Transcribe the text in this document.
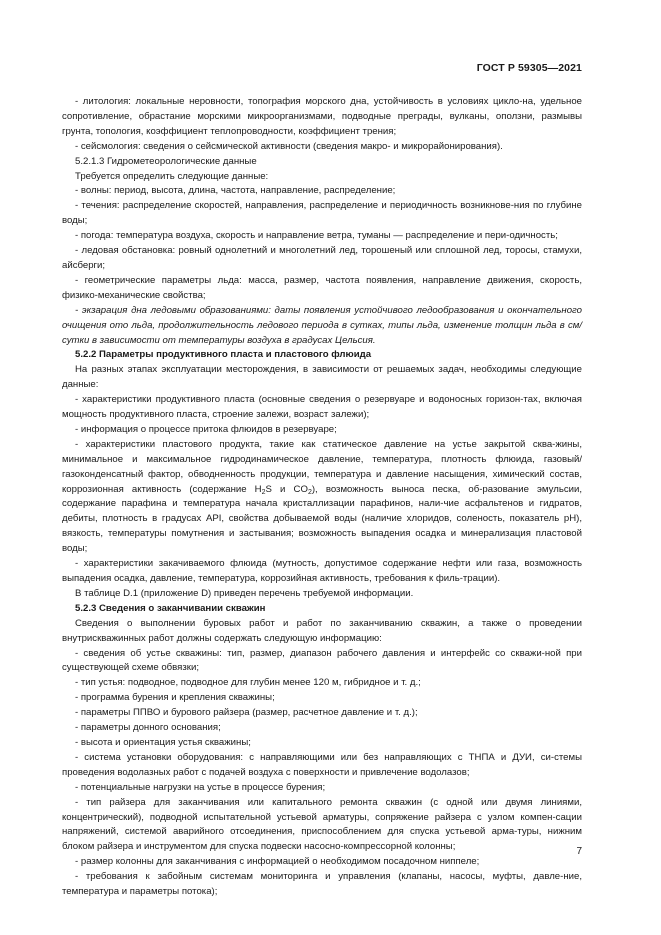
ГОСТ Р 59305—2021

- литология: локальные неровности, топография морского дна, устойчивость в условиях цикло-на, удельное сопротивление, обрастание морскими микроорганизмами, подводные преграды, вулканы, оползни, размывы грунта, топология, коэффициент теплопроводности, коэффициент трения;

- сейсмология: сведения о сейсмической активности (сведения макро- и микрорайонирования).

5.2.1.3 Гидрометеорологические данные

Требуется определить следующие данные:

- волны: период, высота, длина, частота, направление, распределение;

- течения: распределение скоростей, направления, распределение и периодичность возникнове-ния по глубине воды;

- погода: температура воздуха, скорость и направление ветра, туманы — распределение и пери-одичность;

- ледовая обстановка: ровный однолетний и многолетний лед, торошеный или сплошной лед, торосы, стамухи, айсберги;

- геометрические параметры льда: масса, размер, частота появления, направление движения, скорость, физико-механические свойства;

- экзарация дна ледовыми образованиями: даты появления устойчивого ледообразования и окончательного очищения ото льда, продолжительность ледового периода в сутках, типы льда, изменение толщин льда в см/сутки в зависимости от температуры воздуха в градусах Цельсия.

5.2.2 Параметры продуктивного пласта и пластового флюида

На разных этапах эксплуатации месторождения, в зависимости от решаемых задач, необходимы следующие данные:

- характеристики продуктивного пласта (основные сведения о резервуаре и водоносных горизон-тах, включая мощность продуктивного пласта, строение залежи, возраст залежи);

- информация о процессе притока флюидов в резервуаре;

- характеристики пластового продукта, такие как статическое давление на устье закрытой сква-жины, минимальное и максимальное гидродинамическое давление, температура, плотность флюида, газовый/газоконденсатный фактор, обводненность продукции, температура и давление насыщения, химический состав, коррозионная активность (содержание $H_2S$ и $CO_2$), возможность выноса песка, об-разование эмульсии, содержание парафина и температура начала кристаллизации парафинов, нали-чие асфальтенов и гидратов, дебиты, плотность в градусах API, свойства добываемой воды (наличие хлоридов, соленость, показатель pH), вязкость, температуры помутнения и застывания; возможность выпадения осадка и минерализация пластовой воды;

- характеристики закачиваемого флюида (мутность, допустимое содержание нефти или газа, возможность выпадения осадка, давление, температура, коррозийная активность, требования к филь-трации).

В таблице D.1 (приложение D) приведен перечень требуемой информации.

5.2.3 Сведения о заканчивании скважин

Сведения о выполнении буровых работ и работ по заканчиванию скважин, а также о проведении внутрискважинных работ должны содержать следующую информацию:

- сведения об устье скважины: тип, размер, диапазон рабочего давления и интерфейс со скважи-ной при существующей схеме обвязки;

- тип устья: подводное, подводное для глубин менее 120 м, гибридное и т. д.;

- программа бурения и крепления скважины;

- параметры ППВО и бурового райзера (размер, расчетное давление и т. д.);

- параметры донного основания;

- высота и ориентация устья скважины;

- система установки оборудования: с направляющими или без направляющих с ТНПА и ДУИ, си-стемы проведения водолазных работ с подачей воздуха с поверхности и привлечение водолазов;

- потенциальные нагрузки на устье в процессе бурения;

- тип райзера для заканчивания или капитального ремонта скважин (с одной или двумя линиями, концентрический), подводной испытательной устьевой арматуры, сопряжение райзера с узлом компен-сации напряжений, системой аварийного отсоединения, приспособлением для спуска устьевой арма-туры, нижним блоком райзера и инструментом для спуска подвески насосно-компрессорной колонны;

- размер колонны для заканчивания с информацией о необходимом посадочном ниппеле;

- требования к забойным системам мониторинга и управления (клапаны, насосы, муфты, давле-ние, температура и параметры потока);

7
